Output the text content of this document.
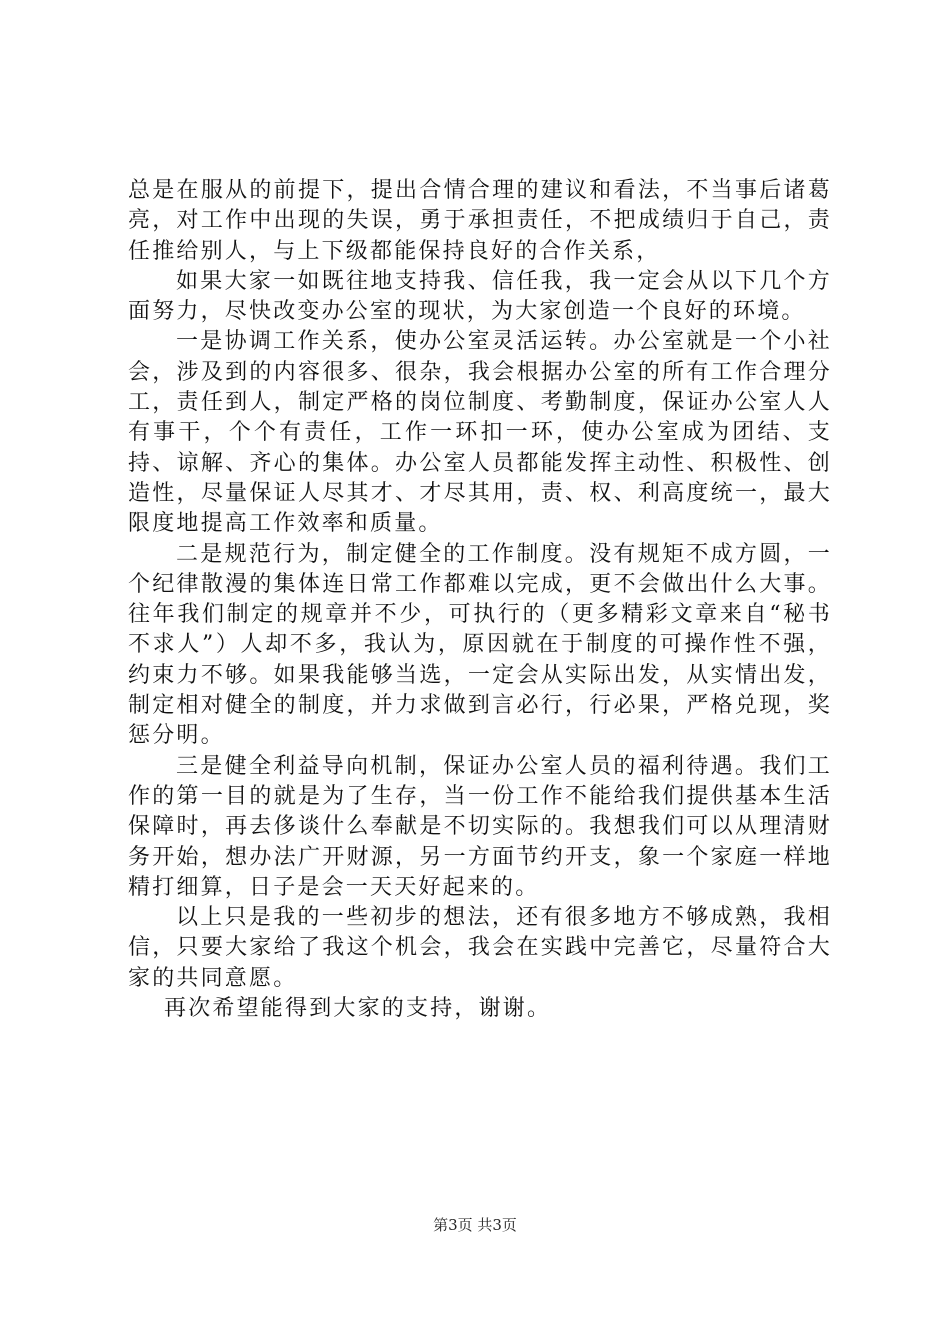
总是在服从的前提下，提出合情合理的建议和看法，不当事后诸葛亮，对工作中出现的失误，勇于承担责任，不把成绩归于自己，责任推给别人，与上下级都能保持良好的合作关系，

如果大家一如既往地支持我、信任我，我一定会从以下几个方面努力，尽快改变办公室的现状，为大家创造一个良好的环境。

一是协调工作关系，使办公室灵活运转。办公室就是一个小社会，涉及到的内容很多、很杂，我会根据办公室的所有工作合理分工，责任到人，制定严格的岗位制度、考勤制度，保证办公室人人有事干，个个有责任，工作一环扣一环，使办公室成为团结、支持、谅解、齐心的集体。办公室人员都能发挥主动性、积极性、创造性，尽量保证人尽其才、才尽其用，责、权、利高度统一，最大限度地提高工作效率和质量。

二是规范行为，制定健全的工作制度。没有规矩不成方圆，一个纪律散漫的集体连日常工作都难以完成，更不会做出什么大事。往年我们制定的规章并不少，可执行的（更多精彩文章来自“秘书不求人”）人却不多，我认为，原因就在于制度的可操作性不强，约束力不够。如果我能够当选，一定会从实际出发，从实情出发，制定相对健全的制度，并力求做到言必行，行必果，严格兑现，奖惩分明。

三是健全利益导向机制，保证办公室人员的福利待遇。我们工作的第一目的就是为了生存，当一份工作不能给我们提供基本生活保障时，再去侈谈什么奉献是不切实际的。我想我们可以从理清财务开始，想办法广开财源，另一方面节约开支，象一个家庭一样地精打细算，日子是会一天天好起来的。

以上只是我的一些初步的想法，还有很多地方不够成熟，我相信，只要大家给了我这个机会，我会在实践中完善它，尽量符合大家的共同意愿。

再次希望能得到大家的支持，谢谢。

第3页 共3页
